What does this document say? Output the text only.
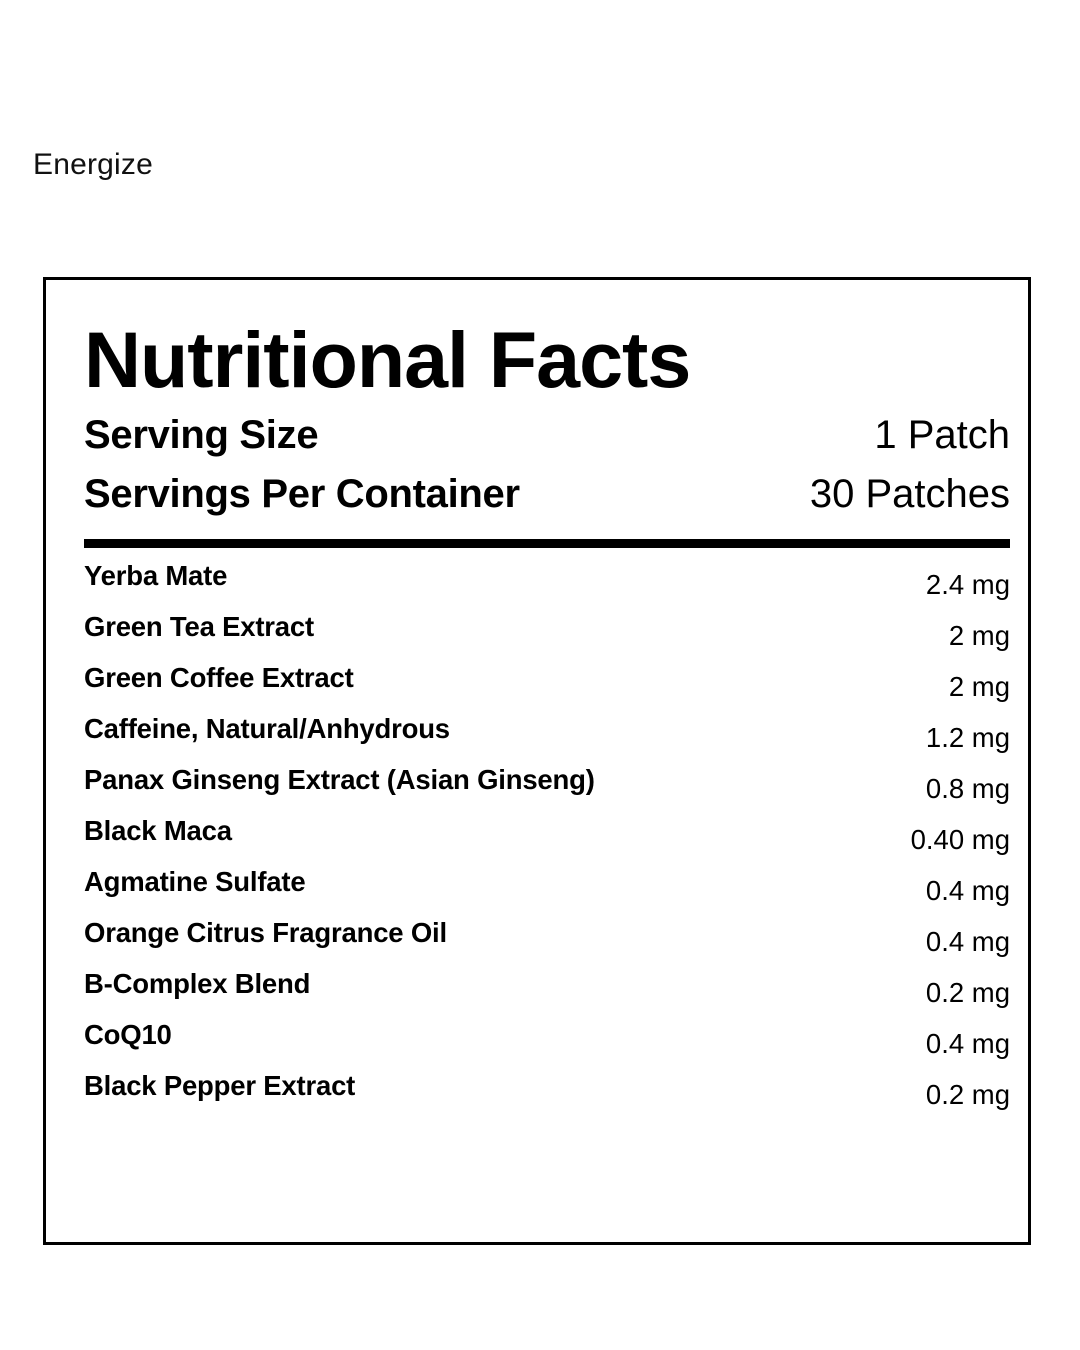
Energize
Nutritional Facts
Serving Size	1 Patch
Servings Per Container	30 Patches
Yerba Mate	2.4 mg
Green Tea Extract	2 mg
Green Coffee Extract	2 mg
Caffeine, Natural/Anhydrous	1.2 mg
Panax Ginseng Extract (Asian Ginseng)	0.8 mg
Black Maca	0.40 mg
Agmatine Sulfate	0.4 mg
Orange Citrus Fragrance Oil	0.4 mg
B-Complex Blend	0.2 mg
CoQ10	0.4 mg
Black Pepper Extract	0.2 mg
